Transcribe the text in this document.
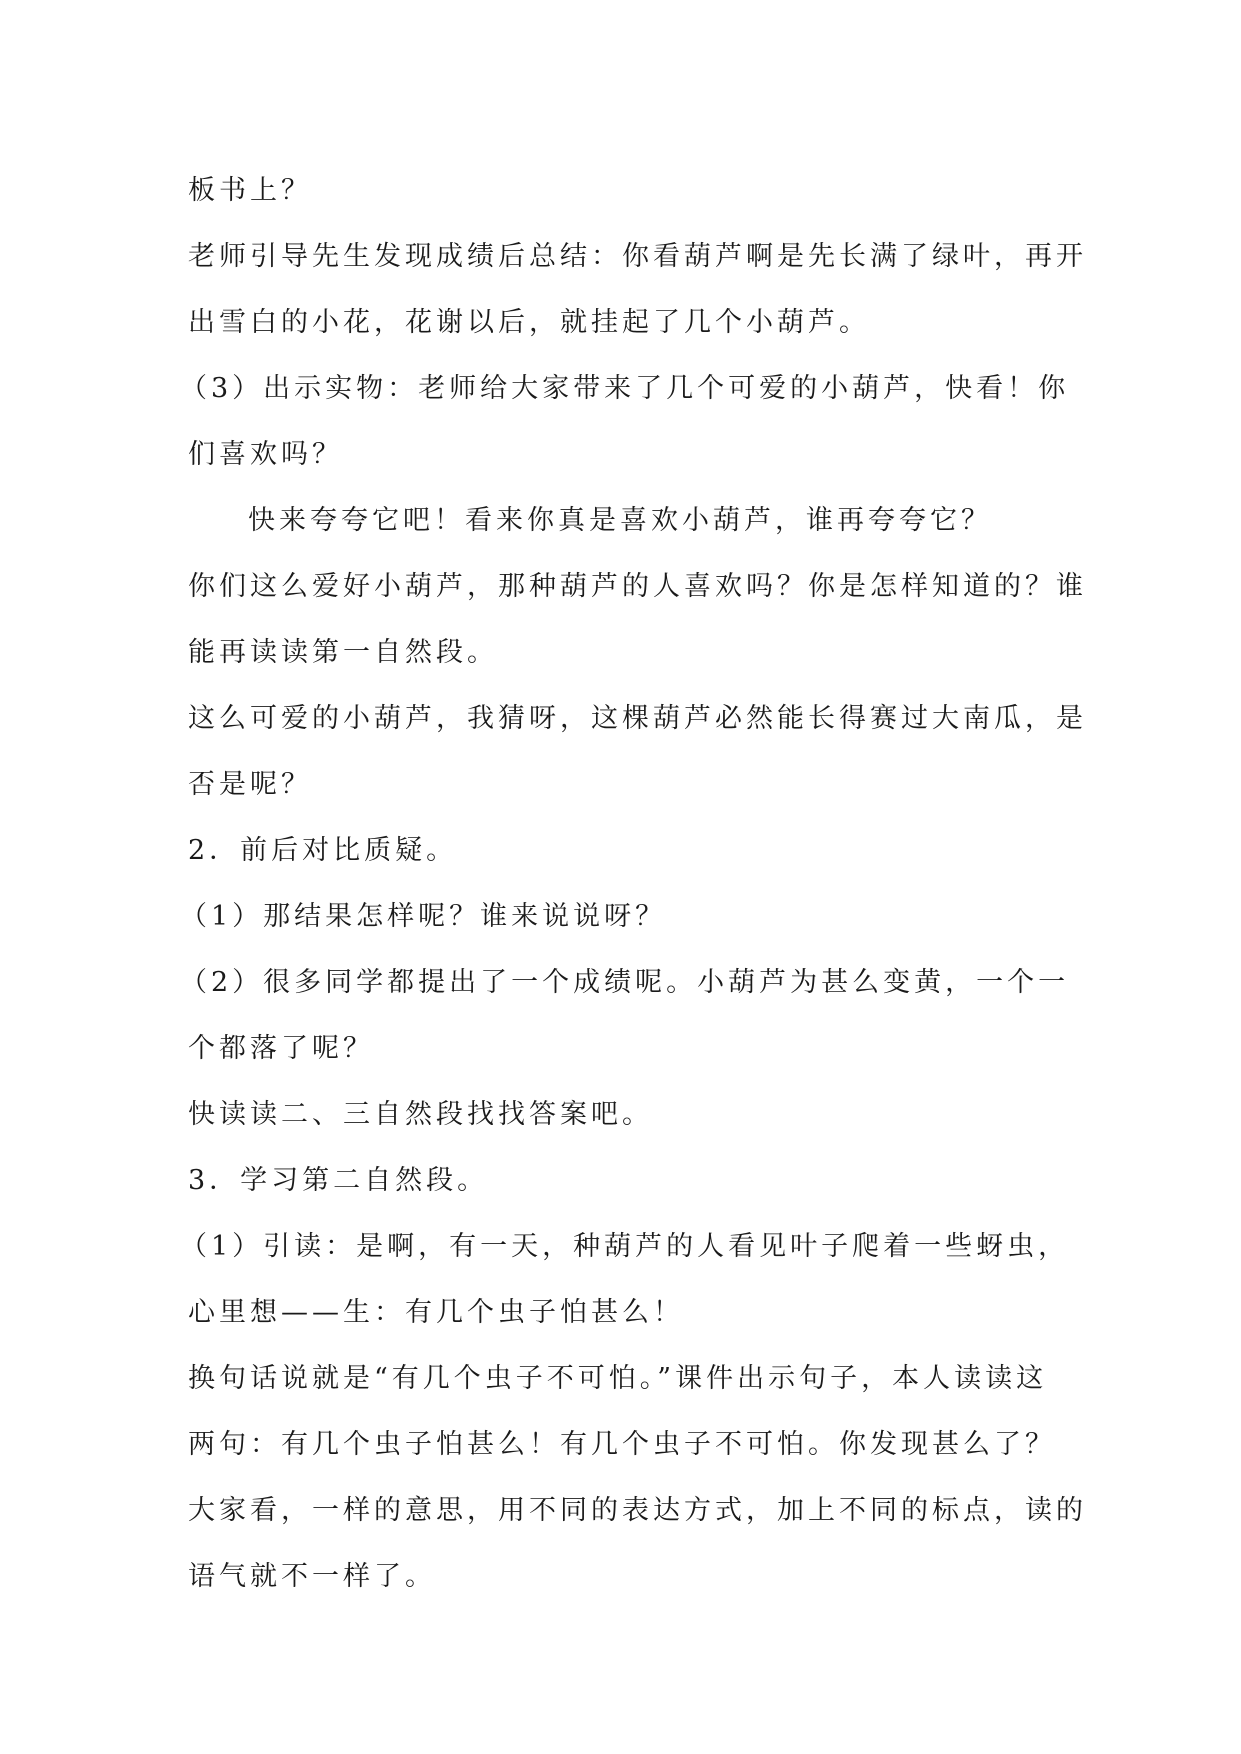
板书上？
老师引导先生发现成绩后总结：你看葫芦啊是先长满了绿叶，再开
出雪白的小花，花谢以后，就挂起了几个小葫芦。
（3）出示实物：老师给大家带来了几个可爱的小葫芦，快看！你
们喜欢吗？
快来夸夸它吧！看来你真是喜欢小葫芦，谁再夸夸它？
你们这么爱好小葫芦，那种葫芦的人喜欢吗？你是怎样知道的？谁
能再读读第一自然段。
这么可爱的小葫芦，我猜呀，这棵葫芦必然能长得赛过大南瓜，是
否是呢？
2．前后对比质疑。
（1）那结果怎样呢？谁来说说呀？
（2）很多同学都提出了一个成绩呢。小葫芦为甚么变黄，一个一
个都落了呢？
快读读二、三自然段找找答案吧。
3．学习第二自然段。
（1）引读：是啊，有一天，种葫芦的人看见叶子爬着一些蚜虫，
心里想——生：有几个虫子怕甚么！
换句话说就是“有几个虫子不可怕。”课件出示句子，本人读读这
两句：有几个虫子怕甚么！有几个虫子不可怕。你发现甚么了？
大家看，一样的意思，用不同的表达方式，加上不同的标点，读的
语气就不一样了。
